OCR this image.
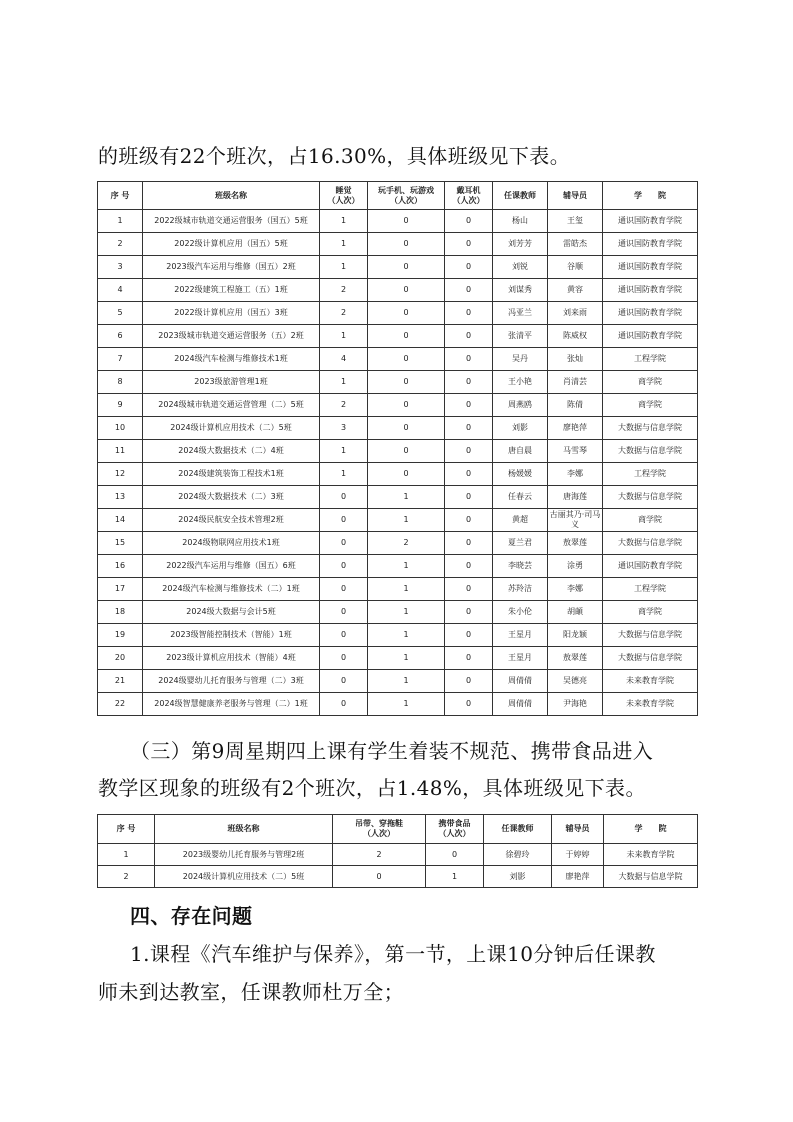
的班级有22个班次，占16.30%，具体班级见下表。
序 号	班级名称	睡觉
（人次）	玩手机、玩游戏
（人次）	戴耳机
（人次）	任课教师	辅导员	学　　院
1	2022级城市轨道交通运营服务（国五）5班	1	0	0	杨山	王玺	通识国防教育学院
2	2022级计算机应用（国五）5班	1	0	0	刘芳芳	雷皓杰	通识国防教育学院
3	2023级汽车运用与维修（国五）2班	1	0	0	刘锐	谷顺	通识国防教育学院
4	2022级建筑工程施工（五）1班	2	0	0	刘谋秀	黄容	通识国防教育学院
5	2022级计算机应用（国五）3班	2	0	0	冯亚兰	刘来雨	通识国防教育学院
6	2023级城市轨道交通运营服务（五）2班	1	0	0	张清平	陈威权	通识国防教育学院
7	2024级汽车检测与维修技术1班	4	0	0	吴丹	张灿	工程学院
8	2023级旅游管理1班	1	0	0	王小艳	肖清芸	商学院
9	2024级城市轨道交通运营管理（二）5班	2	0	0	周燕鸥	陈倩	商学院
10	2024级计算机应用技术（二）5班	3	0	0	刘影	廖艳萍	大数据与信息学院
11	2024级大数据技术（二）4班	1	0	0	唐自晨	马雪琴	大数据与信息学院
12	2024级建筑装饰工程技术1班	1	0	0	杨媛媛	李娜	工程学院
13	2024级大数据技术（二）3班	0	1	0	任春云	唐海莲	大数据与信息学院
14	2024级民航安全技术管理2班	0	1	0	黄超	古丽其乃·司马义	商学院
15	2024级物联网应用技术1班	0	2	0	夏兰君	敖翠莲	大数据与信息学院
16	2022级汽车运用与维修（国五）6班	0	1	0	李晓芸	涂勇	通识国防教育学院
17	2024级汽车检测与维修技术（二）1班	0	1	0	苏羚洁	李娜	工程学院
18	2024级大数据与会计5班	0	1	0	朱小伦	胡頔	商学院
19	2023级智能控制技术（智能）1班	0	1	0	王星月	阳龙颖	大数据与信息学院
20	2023级计算机应用技术（智能）4班	0	1	0	王星月	敖翠莲	大数据与信息学院
21	2024级婴幼儿托育服务与管理（二）3班	0	1	0	周倩倩	吴德亮	未来教育学院
22	2024级智慧健康养老服务与管理（二）1班	0	1	0	周倩倩	尹海艳	未来教育学院
（三）第9周星期四上课有学生着装不规范、携带食品进入
教学区现象的班级有2个班次，占1.48%，具体班级见下表。
序 号	班级名称	吊带、穿拖鞋
（人次）	携带食品
（人次）	任课教师	辅导员	学　　院
1	2023级婴幼儿托育服务与管理2班	2	0	徐碧玲	于婷婷	未来教育学院
2	2024级计算机应用技术（二）5班	0	1	刘影	廖艳萍	大数据与信息学院
四、存在问题
1.课程《汽车维护与保养》，第一节，上课10分钟后任课教
师未到达教室，任课教师杜万全；
